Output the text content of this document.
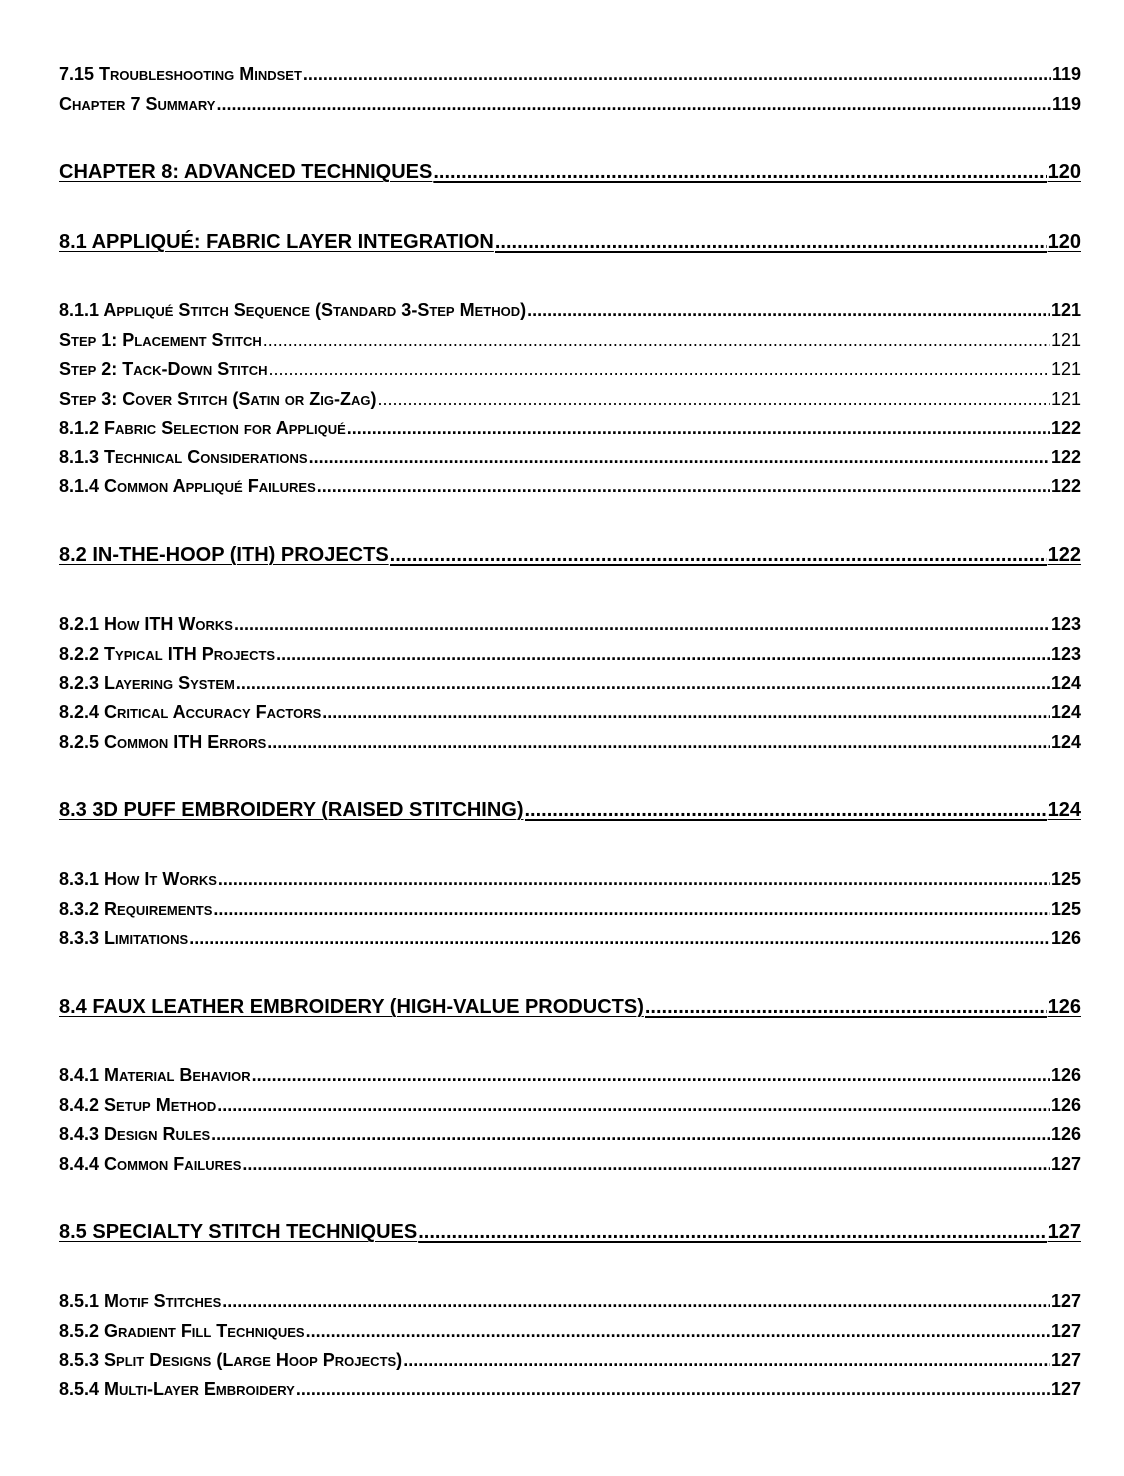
7.15 Troubleshooting Mindset .....	119
Chapter 7 Summary .....	119
CHAPTER 8: ADVANCED TECHNIQUES .....	120
8.1 APPLIQUÉ: FABRIC LAYER INTEGRATION .....	120
8.1.1 Appliqué Stitch Sequence (Standard 3-Step Method) .....	121
Step 1: Placement Stitch .....	121
Step 2: Tack-Down Stitch .....	121
Step 3: Cover Stitch (Satin or Zig-Zag) .....	121
8.1.2 Fabric Selection for Appliqué .....	122
8.1.3 Technical Considerations .....	122
8.1.4 Common Appliqué Failures .....	122
8.2 IN-THE-HOOP (ITH) PROJECTS .....	122
8.2.1 How ITH Works .....	123
8.2.2 Typical ITH Projects .....	123
8.2.3 Layering System .....	124
8.2.4 Critical Accuracy Factors .....	124
8.2.5 Common ITH Errors .....	124
8.3 3D PUFF EMBROIDERY (RAISED STITCHING) .....	124
8.3.1 How It Works .....	125
8.3.2 Requirements .....	125
8.3.3 Limitations .....	126
8.4 FAUX LEATHER EMBROIDERY (HIGH-VALUE PRODUCTS) .....	126
8.4.1 Material Behavior .....	126
8.4.2 Setup Method .....	126
8.4.3 Design Rules .....	126
8.4.4 Common Failures .....	127
8.5 SPECIALTY STITCH TECHNIQUES .....	127
8.5.1 Motif Stitches .....	127
8.5.2 Gradient Fill Techniques .....	127
8.5.3 Split Designs (Large Hoop Projects) .....	127
8.5.4 Multi-Layer Embroidery .....	127
